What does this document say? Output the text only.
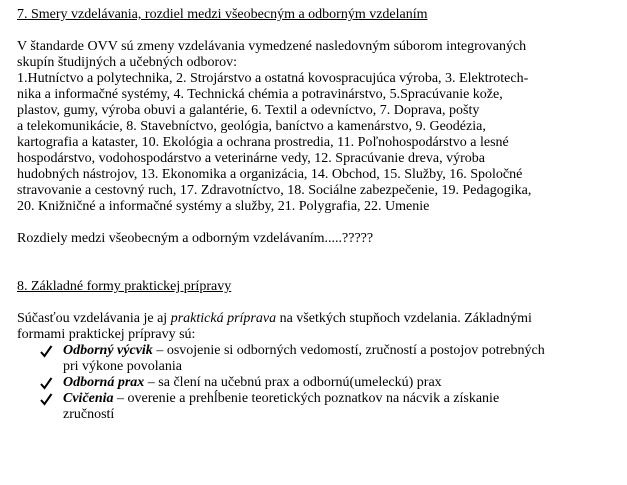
7. Smery vzdelávania, rozdiel medzi všeobecným a odborným vzdelaním

V štandarde OVV sú zmeny vzdelávania vymedzené nasledovným súborom integrovaných
skupín študijných a učebných odborov:

1.Hutníctvo a polytechnika, 2. Strojárstvo a ostatná kovospracujúca výroba, 3. Elektrotech-
nika a informačné systémy, 4. Technická chémia a potravinárstvo, 5.Spracúvanie kože,
plastov, gumy, výroba obuvi a galantérie, 6. Textil a odevníctvo, 7. Doprava, pošty
a telekomunikácie, 8. Stavebníctvo, geológia, baníctvo a kamenárstvo, 9. Geodézia,
kartografia a kataster, 10. Ekológia a ochrana prostredia, 11. Poľnohospodárstvo a lesné
hospodárstvo, vodohospodárstvo a veterinárne vedy, 12. Spracúvanie dreva, výroba
hudobných nástrojov, 13. Ekonomika a organizácia, 14. Obchod, 15. Služby, 16. Spoločné
stravovanie a cestovný ruch, 17. Zdravotníctvo, 18. Sociálne zabezpečenie, 19. Pedagogika,
20. Knižničné a informačné systémy a služby, 21. Polygrafia, 22. Umenie

Rozdiely medzi všeobecným a odborným vzdelávaním.....?????

8. Základné formy praktickej prípravy

Súčasťou vzdelávania je aj praktická príprava na všetkých stupňoch vzdelania. Základnými
formami praktickej prípravy sú:

Odborný výcvik – osvojenie si odborných vedomostí, zručností a postojov potrebných
pri výkone povolania
Odborná prax – sa člení na učebnú prax a odbornú(umeleckú) prax
Cvičenia – overenie a prehĺbenie teoretických poznatkov na nácvik a získanie
zručností
